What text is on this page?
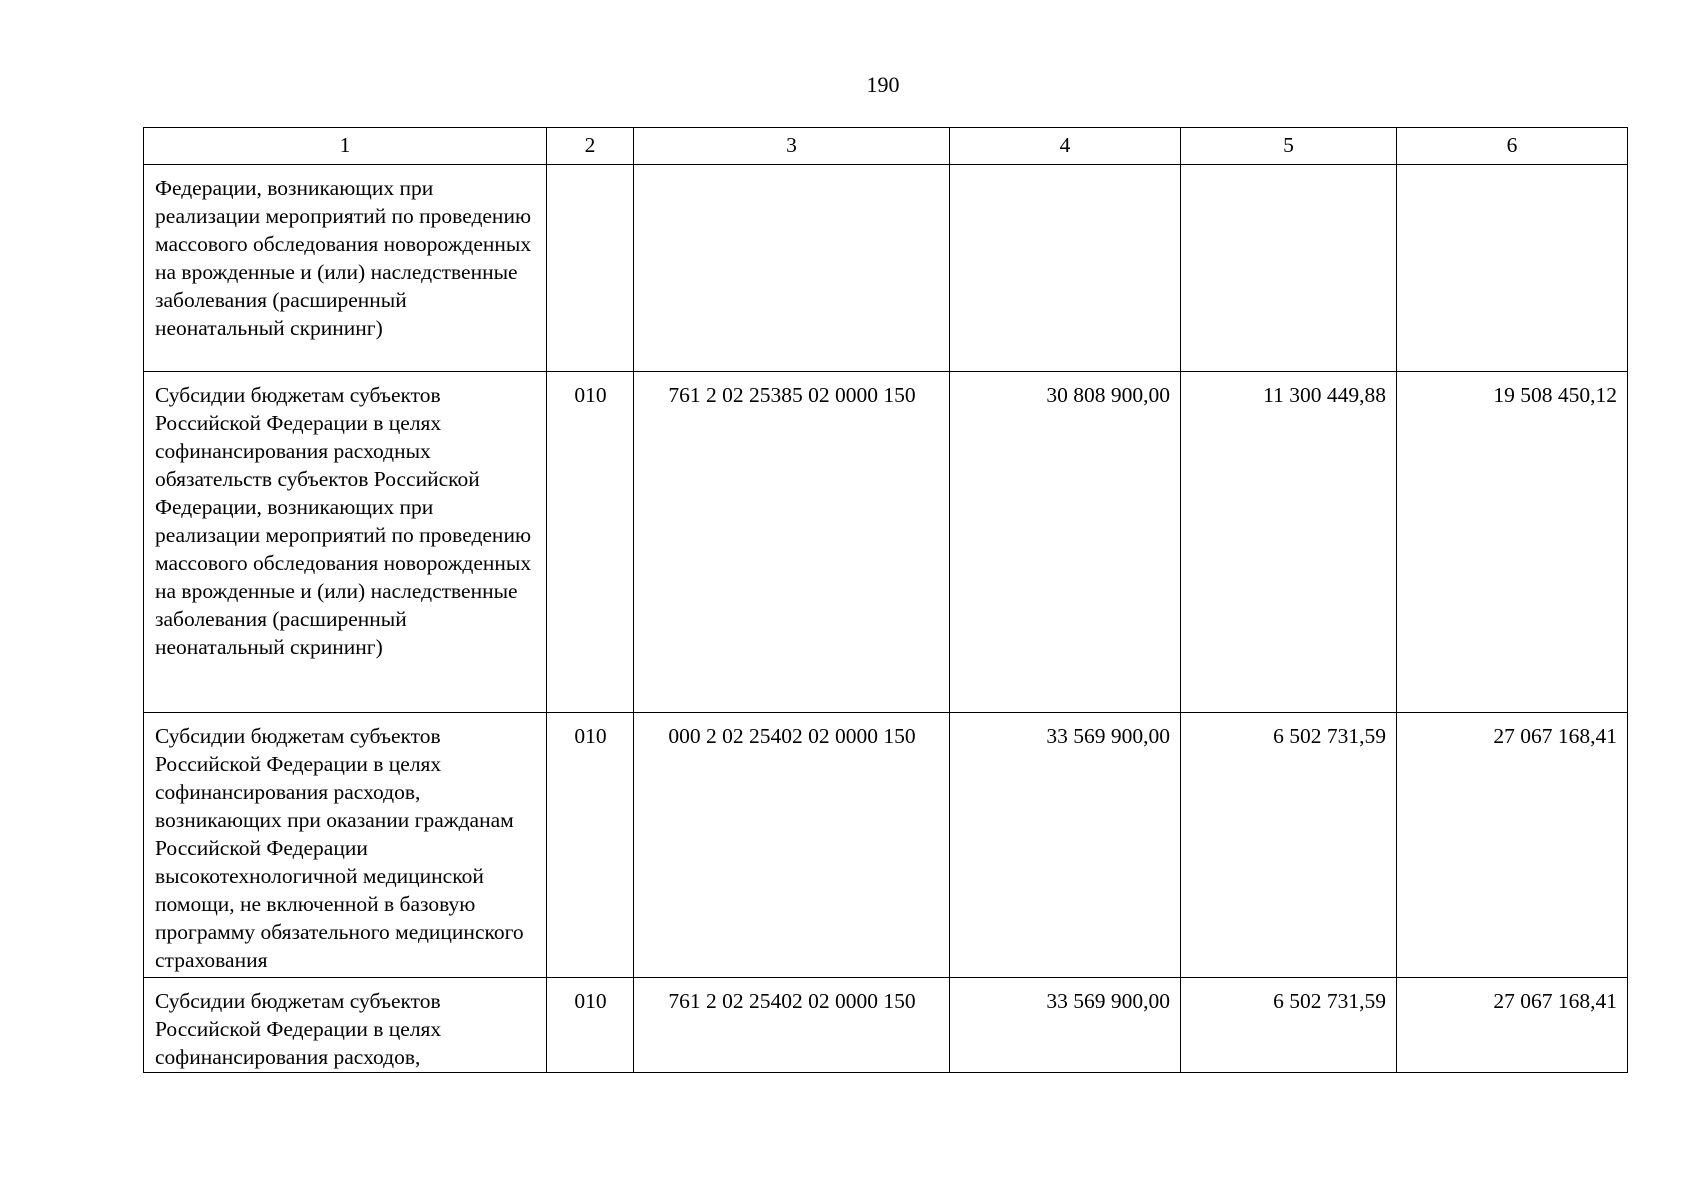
190
1	2	3	4	5	6
Федерации, возникающих при реализации мероприятий по проведению массового обследования новорожденных на врожденные и (или) наследственные заболевания (расширенный неонатальный скрининг)					
Субсидии бюджетам субъектов Российской Федерации в целях софинансирования расходных обязательств субъектов Российской Федерации, возникающих при реализации мероприятий по проведению массового обследования новорожденных на врожденные и (или) наследственные заболевания (расширенный неонатальный скрининг)	010	761 2 02 25385 02 0000 150	30 808 900,00	11 300 449,88	19 508 450,12
Субсидии бюджетам субъектов Российской Федерации в целях софинансирования расходов, возникающих при оказании гражданам Российской Федерации высокотехнологичной медицинской помощи, не включенной в базовую программу обязательного медицинского страхования	010	000 2 02 25402 02 0000 150	33 569 900,00	6 502 731,59	27 067 168,41
Субсидии бюджетам субъектов Российской Федерации в целях софинансирования расходов,	010	761 2 02 25402 02 0000 150	33 569 900,00	6 502 731,59	27 067 168,41
